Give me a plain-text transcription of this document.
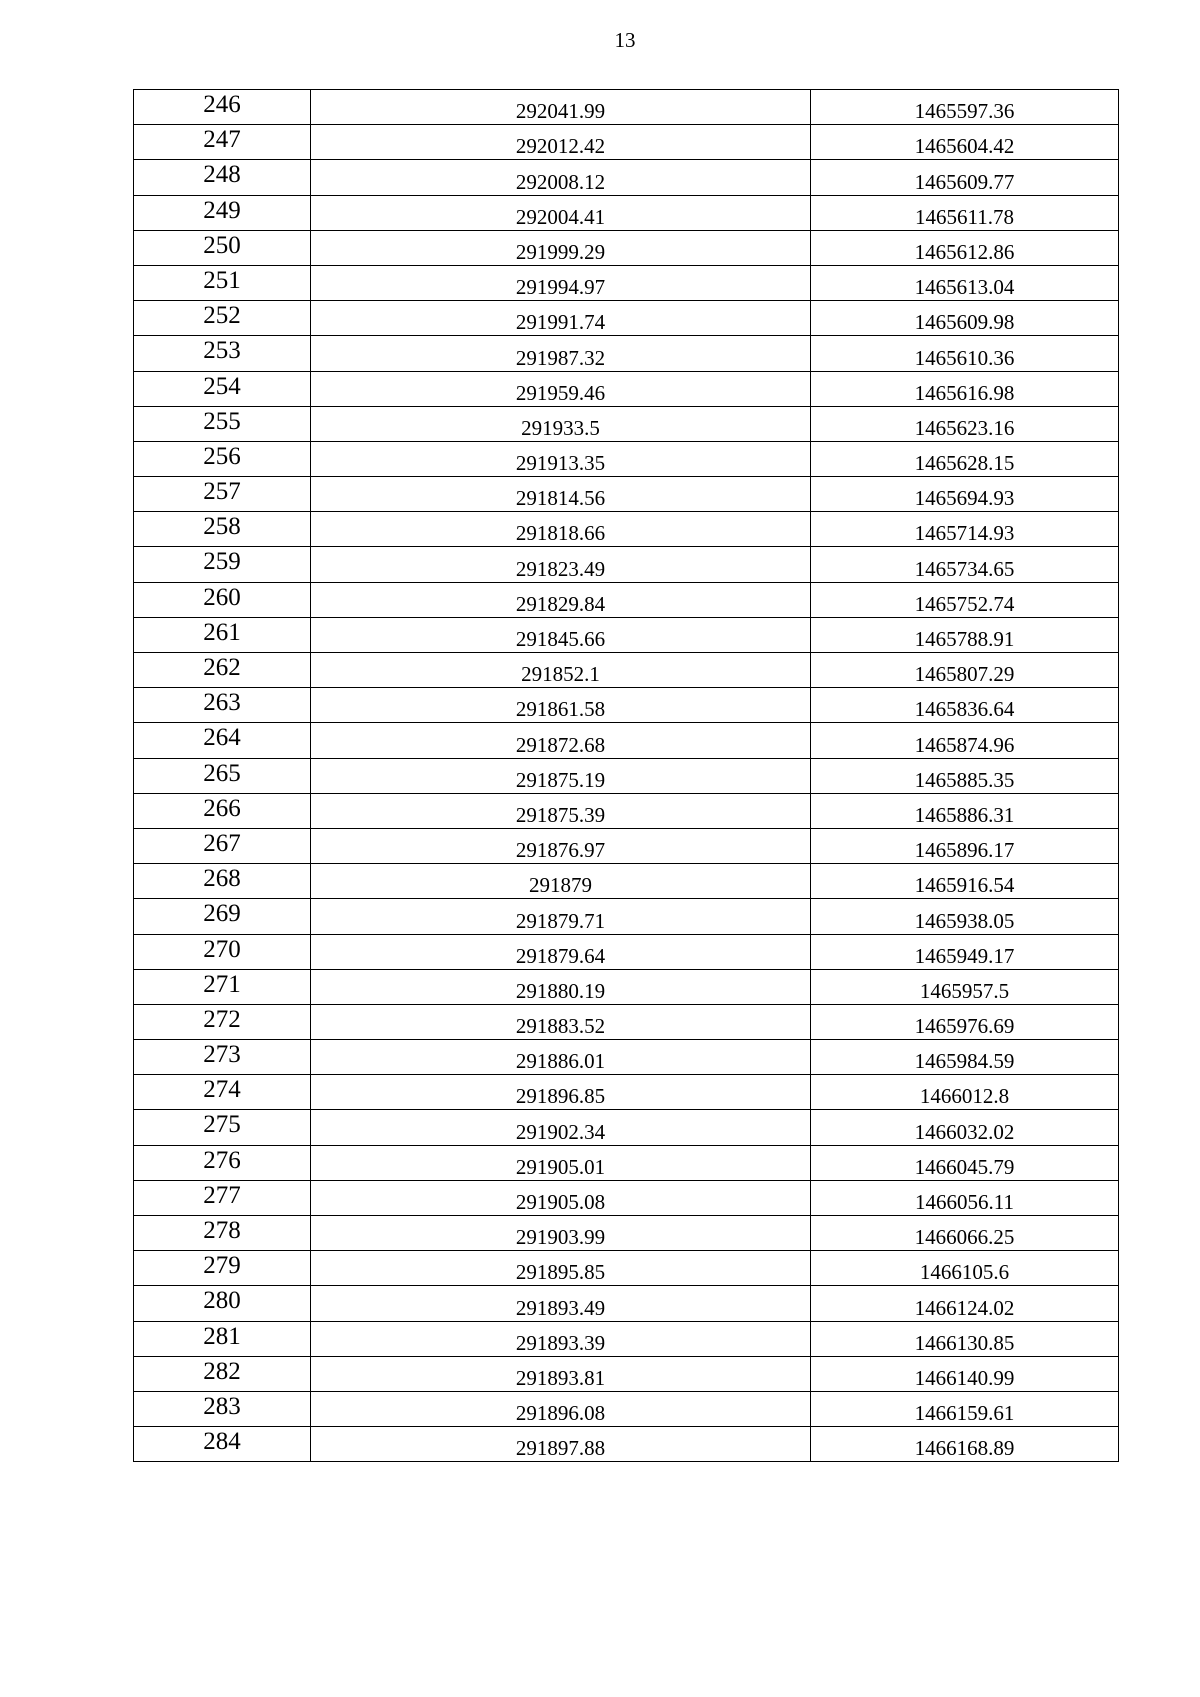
13
246	292041.99	1465597.36
247	292012.42	1465604.42
248	292008.12	1465609.77
249	292004.41	1465611.78
250	291999.29	1465612.86
251	291994.97	1465613.04
252	291991.74	1465609.98
253	291987.32	1465610.36
254	291959.46	1465616.98
255	291933.5	1465623.16
256	291913.35	1465628.15
257	291814.56	1465694.93
258	291818.66	1465714.93
259	291823.49	1465734.65
260	291829.84	1465752.74
261	291845.66	1465788.91
262	291852.1	1465807.29
263	291861.58	1465836.64
264	291872.68	1465874.96
265	291875.19	1465885.35
266	291875.39	1465886.31
267	291876.97	1465896.17
268	291879	1465916.54
269	291879.71	1465938.05
270	291879.64	1465949.17
271	291880.19	1465957.5
272	291883.52	1465976.69
273	291886.01	1465984.59
274	291896.85	1466012.8
275	291902.34	1466032.02
276	291905.01	1466045.79
277	291905.08	1466056.11
278	291903.99	1466066.25
279	291895.85	1466105.6
280	291893.49	1466124.02
281	291893.39	1466130.85
282	291893.81	1466140.99
283	291896.08	1466159.61
284	291897.88	1466168.89
